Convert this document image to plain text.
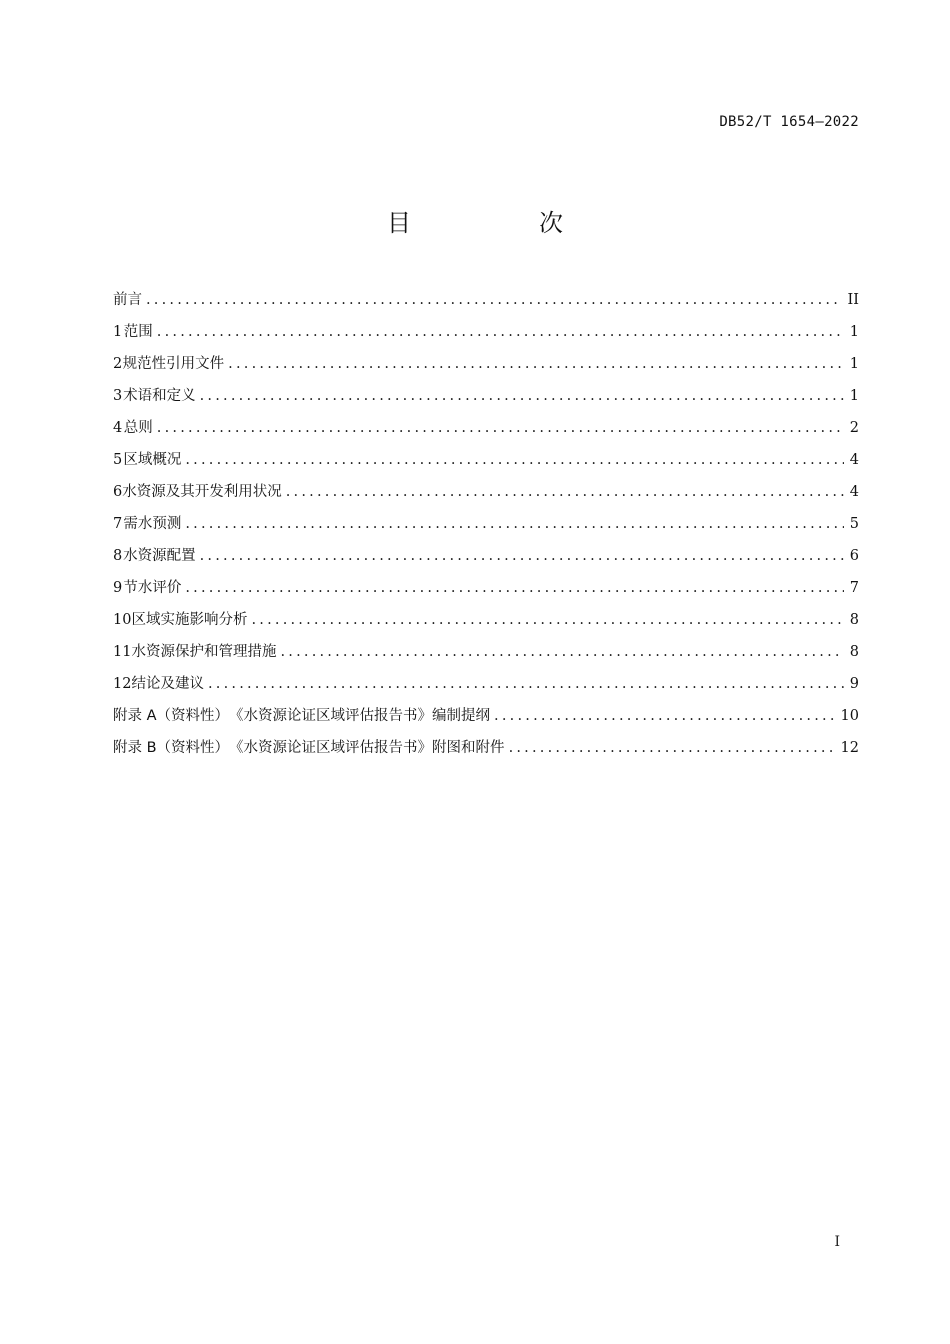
DB52/T 1654—2022
目　次
前言 .....	II
1 范围 .....	1
2 规范性引用文件 .....	1
3 术语和定义 .....	1
4 总则 .....	2
5 区域概况 .....	4
6 水资源及其开发利用状况 .....	4
7 需水预测 .....	5
8 水资源配置 .....	6
9 节水评价 .....	7
10 区域实施影响分析 .....	8
11 水资源保护和管理措施 .....	8
12 结论及建议 .....	9
附录 A（资料性）　《水资源论证区域评估报告书》编制提纲 .....	10
附录 B（资料性）　《水资源论证区域评估报告书》附图和附件 .....	12
I
